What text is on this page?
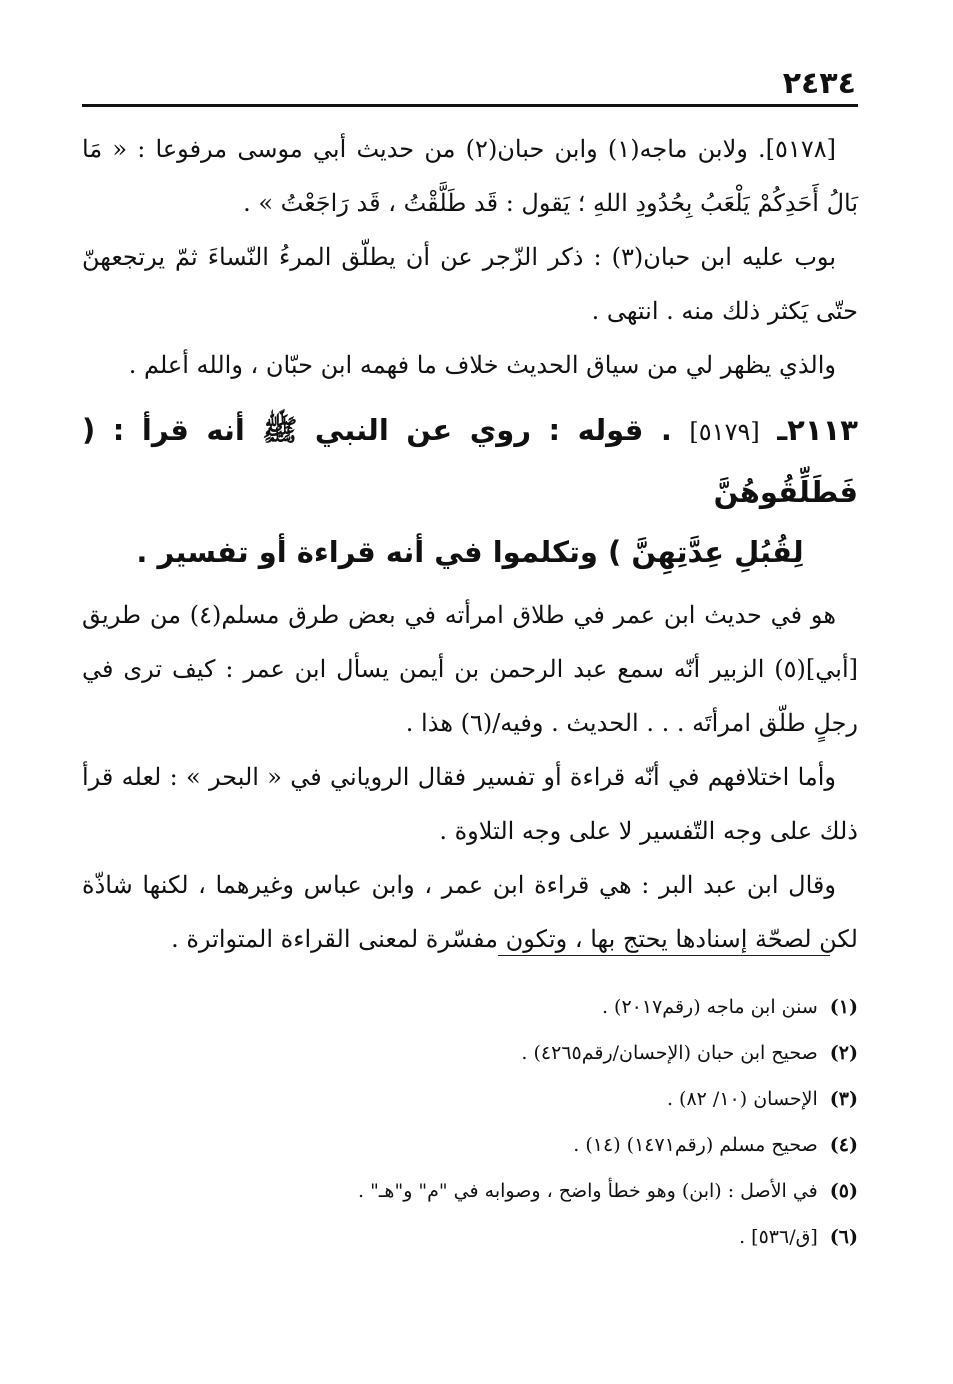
٢٤٣٤

[٥١٧٨]. ولابن ماجه(١) وابن حبان(٢) من حديث أبي موسى مرفوعا : « مَا بَالُ أَحَدِكُمْ يَلْعَبُ بِحُدُودِ اللهِ ؛ يَقول : قَد طَلَّقْتُ ، قَد رَاجَعْتُ » .

بوب عليه ابن حبان(٣) : ذكر الزّجر عن أن يطلّق المرءُ النّساءَ ثمّ يرتجعهنّ حتّى يَكثر ذلك منه . انتهى .

والذي يظهر لي من سياق الحديث خلاف ما فهمه ابن حبّان ، والله أعلم .

٢١١٣ـ [٥١٧٩] . قوله : روي عن النبي ﷺ أنه قرأ : ( فَطَلِّقُوهُنَّ
لِقُبُلِ عِدَّتِهِنَّ ) وتكلموا في أنه قراءة أو تفسير .

هو في حديث ابن عمر في طلاق امرأته في بعض طرق مسلم(٤) من طريق [أبي](٥) الزبير أنّه سمع عبد الرحمن بن أيمن يسأل ابن عمر : كيف ترى في رجلٍ طلّق امرأتَه . . . الحديث . وفيه/(٦) هذا .

وأما اختلافهم في أنّه قراءة أو تفسير فقال الروياني في « البحر » : لعله قرأ ذلك على وجه التّفسير لا على وجه التلاوة .

وقال ابن عبد البر : هي قراءة ابن عمر ، وابن عباس وغيرهما ، لكنها شاذّة لكن لصحّة إسنادها يحتج بها ، وتكون مفسّرة لمعنى القراءة المتواترة .

(١)سنن ابن ماجه (رقم٢٠١٧) .
(٢)صحيح ابن حبان (الإحسان/رقم٤٢٦٥) .
(٣)الإحسان (١٠/ ٨٢) .
(٤)صحيح مسلم (رقم١٤٧١) (١٤) .
(٥)في الأصل : (ابن) وهو خطأ واضح ، وصوابه في "م" و"هـ" .
(٦)[ق/٥٣٦] .
